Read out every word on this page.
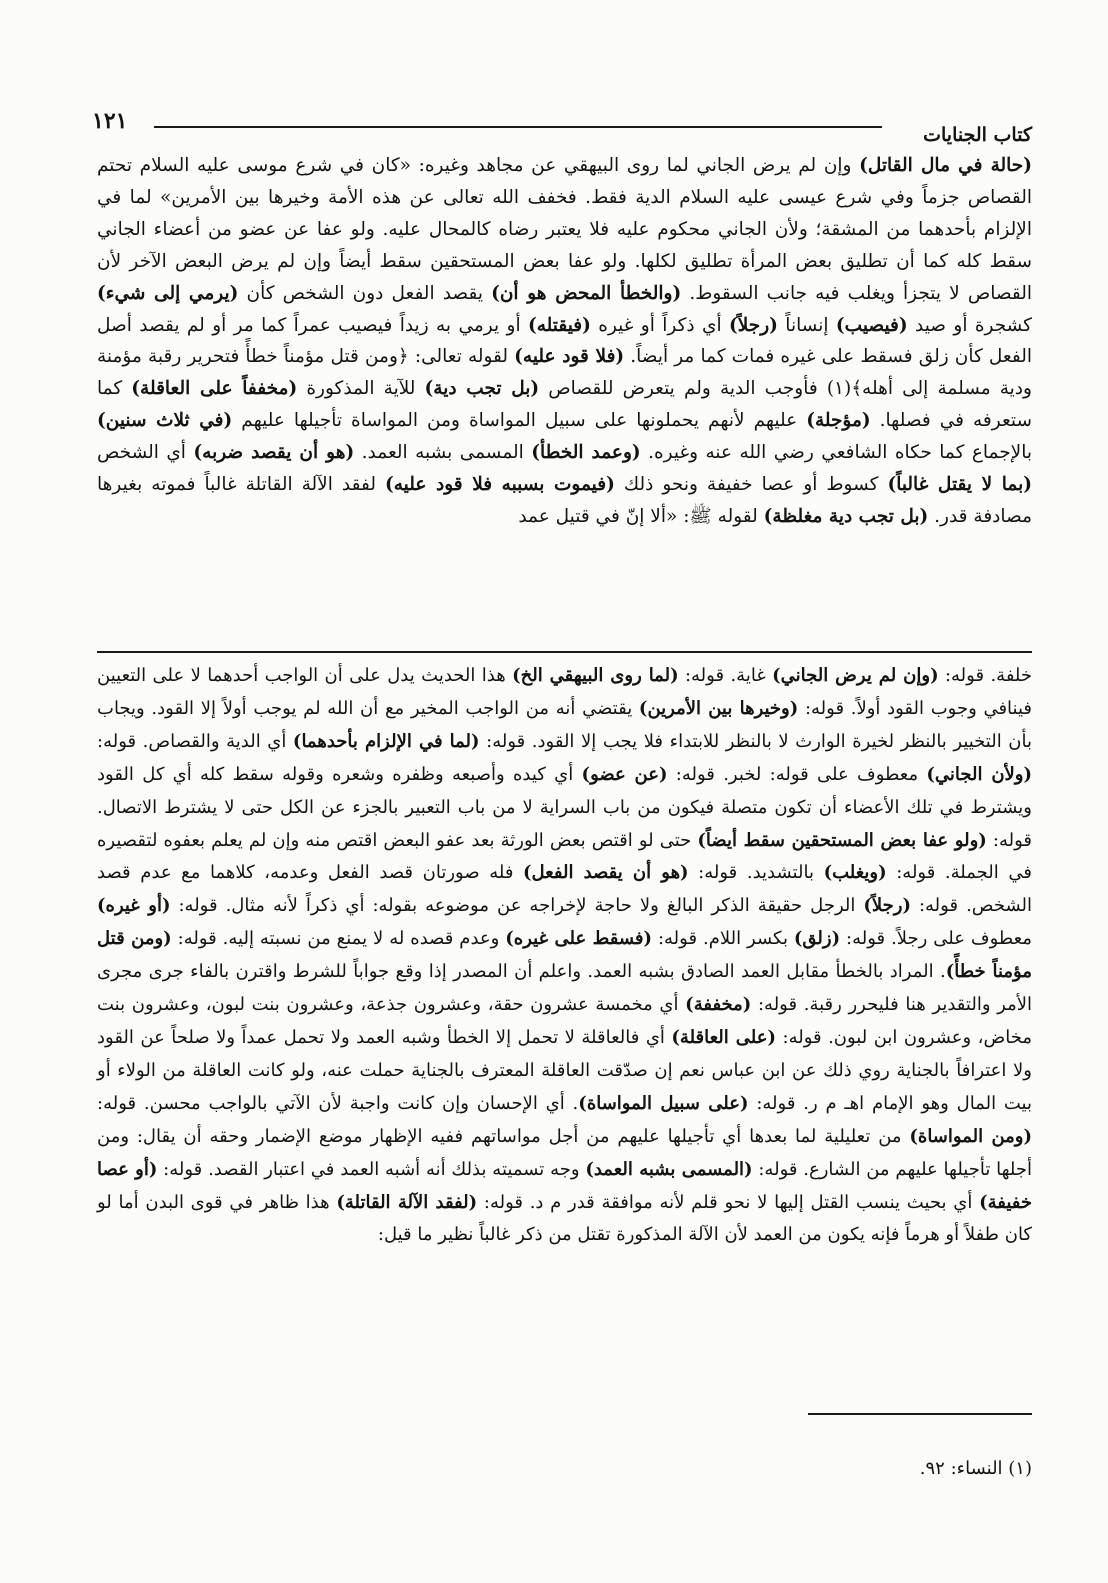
١٢١
كتاب الجنايات

(حالة في مال القاتل) وإن لم يرض الجاني لما روى البيهقي عن مجاهد وغيره: «كان في شرع موسى عليه السلام تحتم القصاص جزماً وفي شرع عيسى عليه السلام الدية فقط. فخفف الله تعالى عن هذه الأمة وخيرها بين الأمرين» لما في الإلزام بأحدهما من المشقة؛ ولأن الجاني محكوم عليه فلا يعتبر رضاه كالمحال عليه. ولو عفا عن عضو من أعضاء الجاني سقط كله كما أن تطليق بعض المرأة تطليق لكلها. ولو عفا بعض المستحقين سقط أيضاً وإن لم يرض البعض الآخر لأن القصاص لا يتجزأ ويغلب فيه جانب السقوط. (والخطأ المحض هو أن) يقصد الفعل دون الشخص كأن (يرمي إلى شيء) كشجرة أو صيد (فيصيب) إنساناً (رجلاً) أي ذكراً أو غيره (فيقتله) أو يرمي به زيداً فيصيب عمراً كما مر أو لم يقصد أصل الفعل كأن زلق فسقط على غيره فمات كما مر أيضاً. (فلا قود عليه) لقوله تعالى: ﴿ومن قتل مؤمناً خطأً فتحرير رقبة مؤمنة ودية مسلمة إلى أهله﴾(١) فأوجب الدية ولم يتعرض للقصاص (بل تجب دية) للآية المذكورة (مخففاً على العاقلة) كما ستعرفه في فصلها. (مؤجلة) عليهم لأنهم يحملونها على سبيل المواساة ومن المواساة تأجيلها عليهم (في ثلاث سنين) بالإجماع كما حكاه الشافعي رضي الله عنه وغيره. (وعمد الخطأ) المسمى بشبه العمد. (هو أن يقصد ضربه) أي الشخص (بما لا يقتل غالباً) كسوط أو عصا خفيفة ونحو ذلك (فيموت بسببه فلا قود عليه) لفقد الآلة القاتلة غالباً فموته بغيرها مصادفة قدر. (بل تجب دية مغلظة) لقوله ﷺ: «ألا إنّ في قتيل عمد

خلفة. قوله: (وإن لم يرض الجاني) غاية. قوله: (لما روى البيهقي الخ) هذا الحديث يدل على أن الواجب أحدهما لا على التعيين فينافي وجوب القود أولاً. قوله: (وخيرها بين الأمرين) يقتضي أنه من الواجب المخير مع أن الله لم يوجب أولاً إلا القود. ويجاب بأن التخيير بالنظر لخيرة الوارث لا بالنظر للابتداء فلا يجب إلا القود. قوله: (لما في الإلزام بأحدهما) أي الدية والقصاص. قوله: (ولأن الجاني) معطوف على قوله: لخبر. قوله: (عن عضو) أي كيده وأصبعه وظفره وشعره وقوله سقط كله أي كل القود ويشترط في تلك الأعضاء أن تكون متصلة فيكون من باب السراية لا من باب التعبير بالجزء عن الكل حتى لا يشترط الاتصال. قوله: (ولو عفا بعض المستحقين سقط أيضاً) حتى لو اقتص بعض الورثة بعد عفو البعض اقتص منه وإن لم يعلم بعفوه لتقصيره في الجملة. قوله: (ويغلب) بالتشديد. قوله: (هو أن يقصد الفعل) فله صورتان قصد الفعل وعدمه، كلاهما مع عدم قصد الشخص. قوله: (رجلاً) الرجل حقيقة الذكر البالغ ولا حاجة لإخراجه عن موضوعه بقوله: أي ذكراً لأنه مثال. قوله: (أو غيره) معطوف على رجلاً. قوله: (زلق) بكسر اللام. قوله: (فسقط على غيره) وعدم قصده له لا يمنع من نسبته إليه. قوله: (ومن قتل مؤمناً خطأً). المراد بالخطأ مقابل العمد الصادق بشبه العمد. واعلم أن المصدر إذا وقع جواباً للشرط واقترن بالفاء جرى مجرى الأمر والتقدير هنا فليحرر رقبة. قوله: (مخففة) أي مخمسة عشرون حقة، وعشرون جذعة، وعشرون بنت لبون، وعشرون بنت مخاض، وعشرون ابن لبون. قوله: (على العاقلة) أي فالعاقلة لا تحمل إلا الخطأ وشبه العمد ولا تحمل عمداً ولا صلحاً عن القود ولا اعترافاً بالجناية روي ذلك عن ابن عباس نعم إن صدّقت العاقلة المعترف بالجناية حملت عنه، ولو كانت العاقلة من الولاء أو بيت المال وهو الإمام اهـ م ر. قوله: (على سبيل المواساة). أي الإحسان وإن كانت واجبة لأن الآتي بالواجب محسن. قوله: (ومن المواساة) من تعليلية لما بعدها أي تأجيلها عليهم من أجل مواساتهم ففيه الإظهار موضع الإضمار وحقه أن يقال: ومن أجلها تأجيلها عليهم من الشارع. قوله: (المسمى بشبه العمد) وجه تسميته بذلك أنه أشبه العمد في اعتبار القصد. قوله: (أو عصا خفيفة) أي بحيث ينسب القتل إليها لا نحو قلم لأنه موافقة قدر م د. قوله: (لفقد الآلة القاتلة) هذا ظاهر في قوى البدن أما لو كان طفلاً أو هرماً فإنه يكون من العمد لأن الآلة المذكورة تقتل من ذكر غالباً نظير ما قيل:

(١) النساء: ٩٢.
